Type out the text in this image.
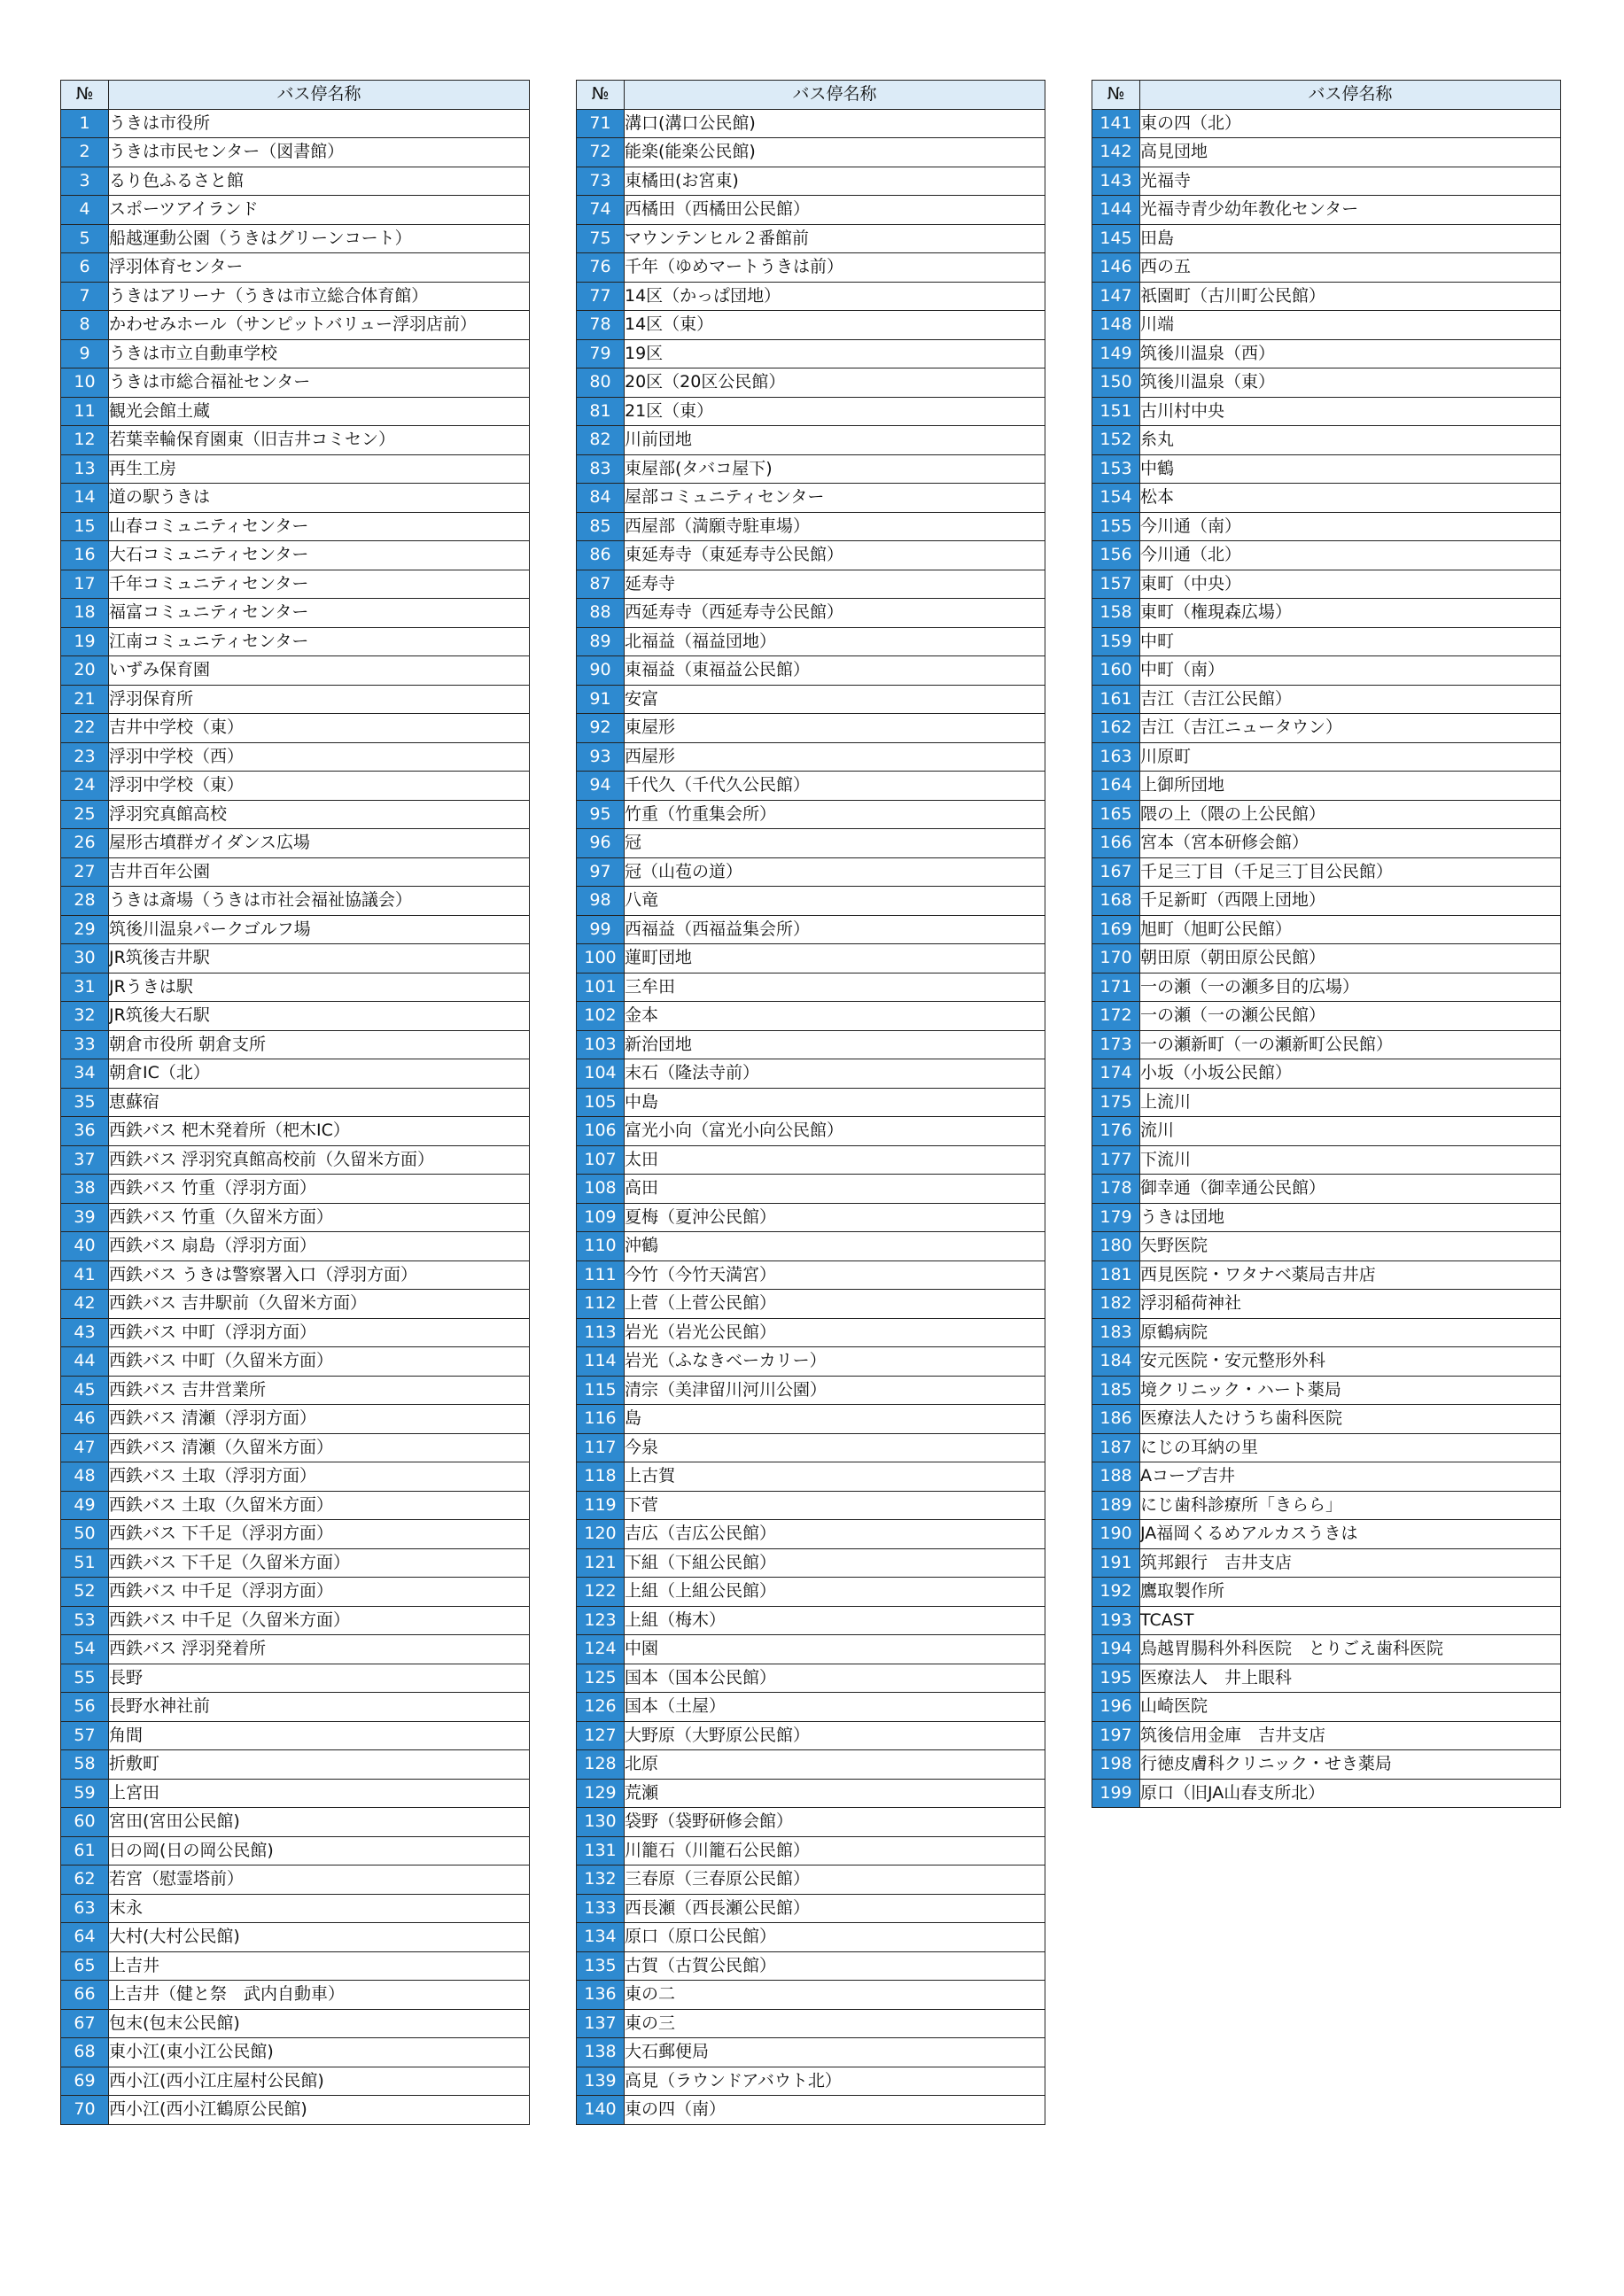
№	バス停名称
1	うきは市役所
2	うきは市民センター（図書館）
3	るり色ふるさと館
4	スポーツアイランド
5	船越運動公園（うきはグリーンコート）
6	浮羽体育センター
7	うきはアリーナ（うきは市立総合体育館）
8	かわせみホール（サンピットバリュー浮羽店前）
9	うきは市立自動車学校
10	うきは市総合福祉センター
11	観光会館土蔵
12	若葉幸輪保育園東（旧吉井コミセン）
13	再生工房
14	道の駅うきは
15	山春コミュニティセンター
16	大石コミュニティセンター
17	千年コミュニティセンター
18	福富コミュニティセンター
19	江南コミュニティセンター
20	いずみ保育園
21	浮羽保育所
22	吉井中学校（東）
23	浮羽中学校（西）
24	浮羽中学校（東）
25	浮羽究真館高校
26	屋形古墳群ガイダンス広場
27	吉井百年公園
28	うきは斎場（うきは市社会福祉協議会）
29	筑後川温泉パークゴルフ場
30	JR筑後吉井駅
31	JRうきは駅
32	JR筑後大石駅
33	朝倉市役所 朝倉支所
34	朝倉IC（北）
35	恵蘇宿
36	西鉄バス 杷木発着所（杷木IC）
37	西鉄バス 浮羽究真館高校前（久留米方面）
38	西鉄バス 竹重（浮羽方面）
39	西鉄バス 竹重（久留米方面）
40	西鉄バス 扇島（浮羽方面）
41	西鉄バス うきは警察署入口（浮羽方面）
42	西鉄バス 吉井駅前（久留米方面）
43	西鉄バス 中町（浮羽方面）
44	西鉄バス 中町（久留米方面）
45	西鉄バス 吉井営業所
46	西鉄バス 清瀬（浮羽方面）
47	西鉄バス 清瀬（久留米方面）
48	西鉄バス 土取（浮羽方面）
49	西鉄バス 土取（久留米方面）
50	西鉄バス 下千足（浮羽方面）
51	西鉄バス 下千足（久留米方面）
52	西鉄バス 中千足（浮羽方面）
53	西鉄バス 中千足（久留米方面）
54	西鉄バス 浮羽発着所
55	長野
56	長野水神社前
57	角間
58	折敷町
59	上宮田
60	宮田(宮田公民館)
61	日の岡(日の岡公民館)
62	若宮（慰霊塔前）
63	末永
64	大村(大村公民館)
65	上吉井
66	上吉井（健と祭　武内自動車）
67	包末(包末公民館)
68	東小江(東小江公民館)
69	西小江(西小江庄屋村公民館)
70	西小江(西小江鶴原公民館)
№	バス停名称
71	溝口(溝口公民館)
72	能楽(能楽公民館)
73	東橘田(お宮東)
74	西橘田（西橘田公民館）
75	マウンテンヒル２番館前
76	千年（ゆめマートうきは前）
77	14区（かっぱ団地）
78	14区（東）
79	19区
80	20区（20区公民館）
81	21区（東）
82	川前団地
83	東屋部(タバコ屋下)
84	屋部コミュニティセンター
85	西屋部（満願寺駐車場）
86	東延寿寺（東延寿寺公民館）
87	延寿寺
88	西延寿寺（西延寿寺公民館）
89	北福益（福益団地）
90	東福益（東福益公民館）
91	安富
92	東屋形
93	西屋形
94	千代久（千代久公民館）
95	竹重（竹重集会所）
96	冠
97	冠（山苞の道）
98	八竜
99	西福益（西福益集会所）
100	蓮町団地
101	三牟田
102	金本
103	新治団地
104	末石（隆法寺前）
105	中島
106	富光小向（富光小向公民館）
107	太田
108	高田
109	夏梅（夏沖公民館）
110	沖鶴
111	今竹（今竹天満宮）
112	上菅（上菅公民館）
113	岩光（岩光公民館）
114	岩光（ふなきベーカリー）
115	清宗（美津留川河川公園）
116	島
117	今泉
118	上古賀
119	下菅
120	吉広（吉広公民館）
121	下組（下組公民館）
122	上組（上組公民館）
123	上組（梅木）
124	中園
125	国本（国本公民館）
126	国本（土屋）
127	大野原（大野原公民館）
128	北原
129	荒瀬
130	袋野（袋野研修会館）
131	川籠石（川籠石公民館）
132	三春原（三春原公民館）
133	西長瀬（西長瀬公民館）
134	原口（原口公民館）
135	古賀（古賀公民館）
136	東の二
137	東の三
138	大石郵便局
139	高見（ラウンドアバウト北）
140	東の四（南）
№	バス停名称
141	東の四（北）
142	高見団地
143	光福寺
144	光福寺青少幼年教化センター
145	田島
146	西の五
147	祇園町（古川町公民館）
148	川端
149	筑後川温泉（西）
150	筑後川温泉（東）
151	古川村中央
152	糸丸
153	中鶴
154	松本
155	今川通（南）
156	今川通（北）
157	東町（中央）
158	東町（権現森広場）
159	中町
160	中町（南）
161	吉江（吉江公民館）
162	吉江（吉江ニュータウン）
163	川原町
164	上御所団地
165	隈の上（隈の上公民館）
166	宮本（宮本研修会館）
167	千足三丁目（千足三丁目公民館）
168	千足新町（西隈上団地）
169	旭町（旭町公民館）
170	朝田原（朝田原公民館）
171	一の瀬（一の瀬多目的広場）
172	一の瀬（一の瀬公民館）
173	一の瀬新町（一の瀬新町公民館）
174	小坂（小坂公民館）
175	上流川
176	流川
177	下流川
178	御幸通（御幸通公民館）
179	うきは団地
180	矢野医院
181	西見医院・ワタナベ薬局吉井店
182	浮羽稲荷神社
183	原鶴病院
184	安元医院・安元整形外科
185	境クリニック・ハート薬局
186	医療法人たけうち歯科医院
187	にじの耳納の里
188	Aコープ吉井
189	にじ歯科診療所「きらら」
190	JA福岡くるめアルカスうきは
191	筑邦銀行　吉井支店
192	鷹取製作所
193	TCAST
194	鳥越胃腸科外科医院　とりごえ歯科医院
195	医療法人　井上眼科
196	山崎医院
197	筑後信用金庫　吉井支店
198	行徳皮膚科クリニック・せき薬局
199	原口（旧JA山春支所北）
